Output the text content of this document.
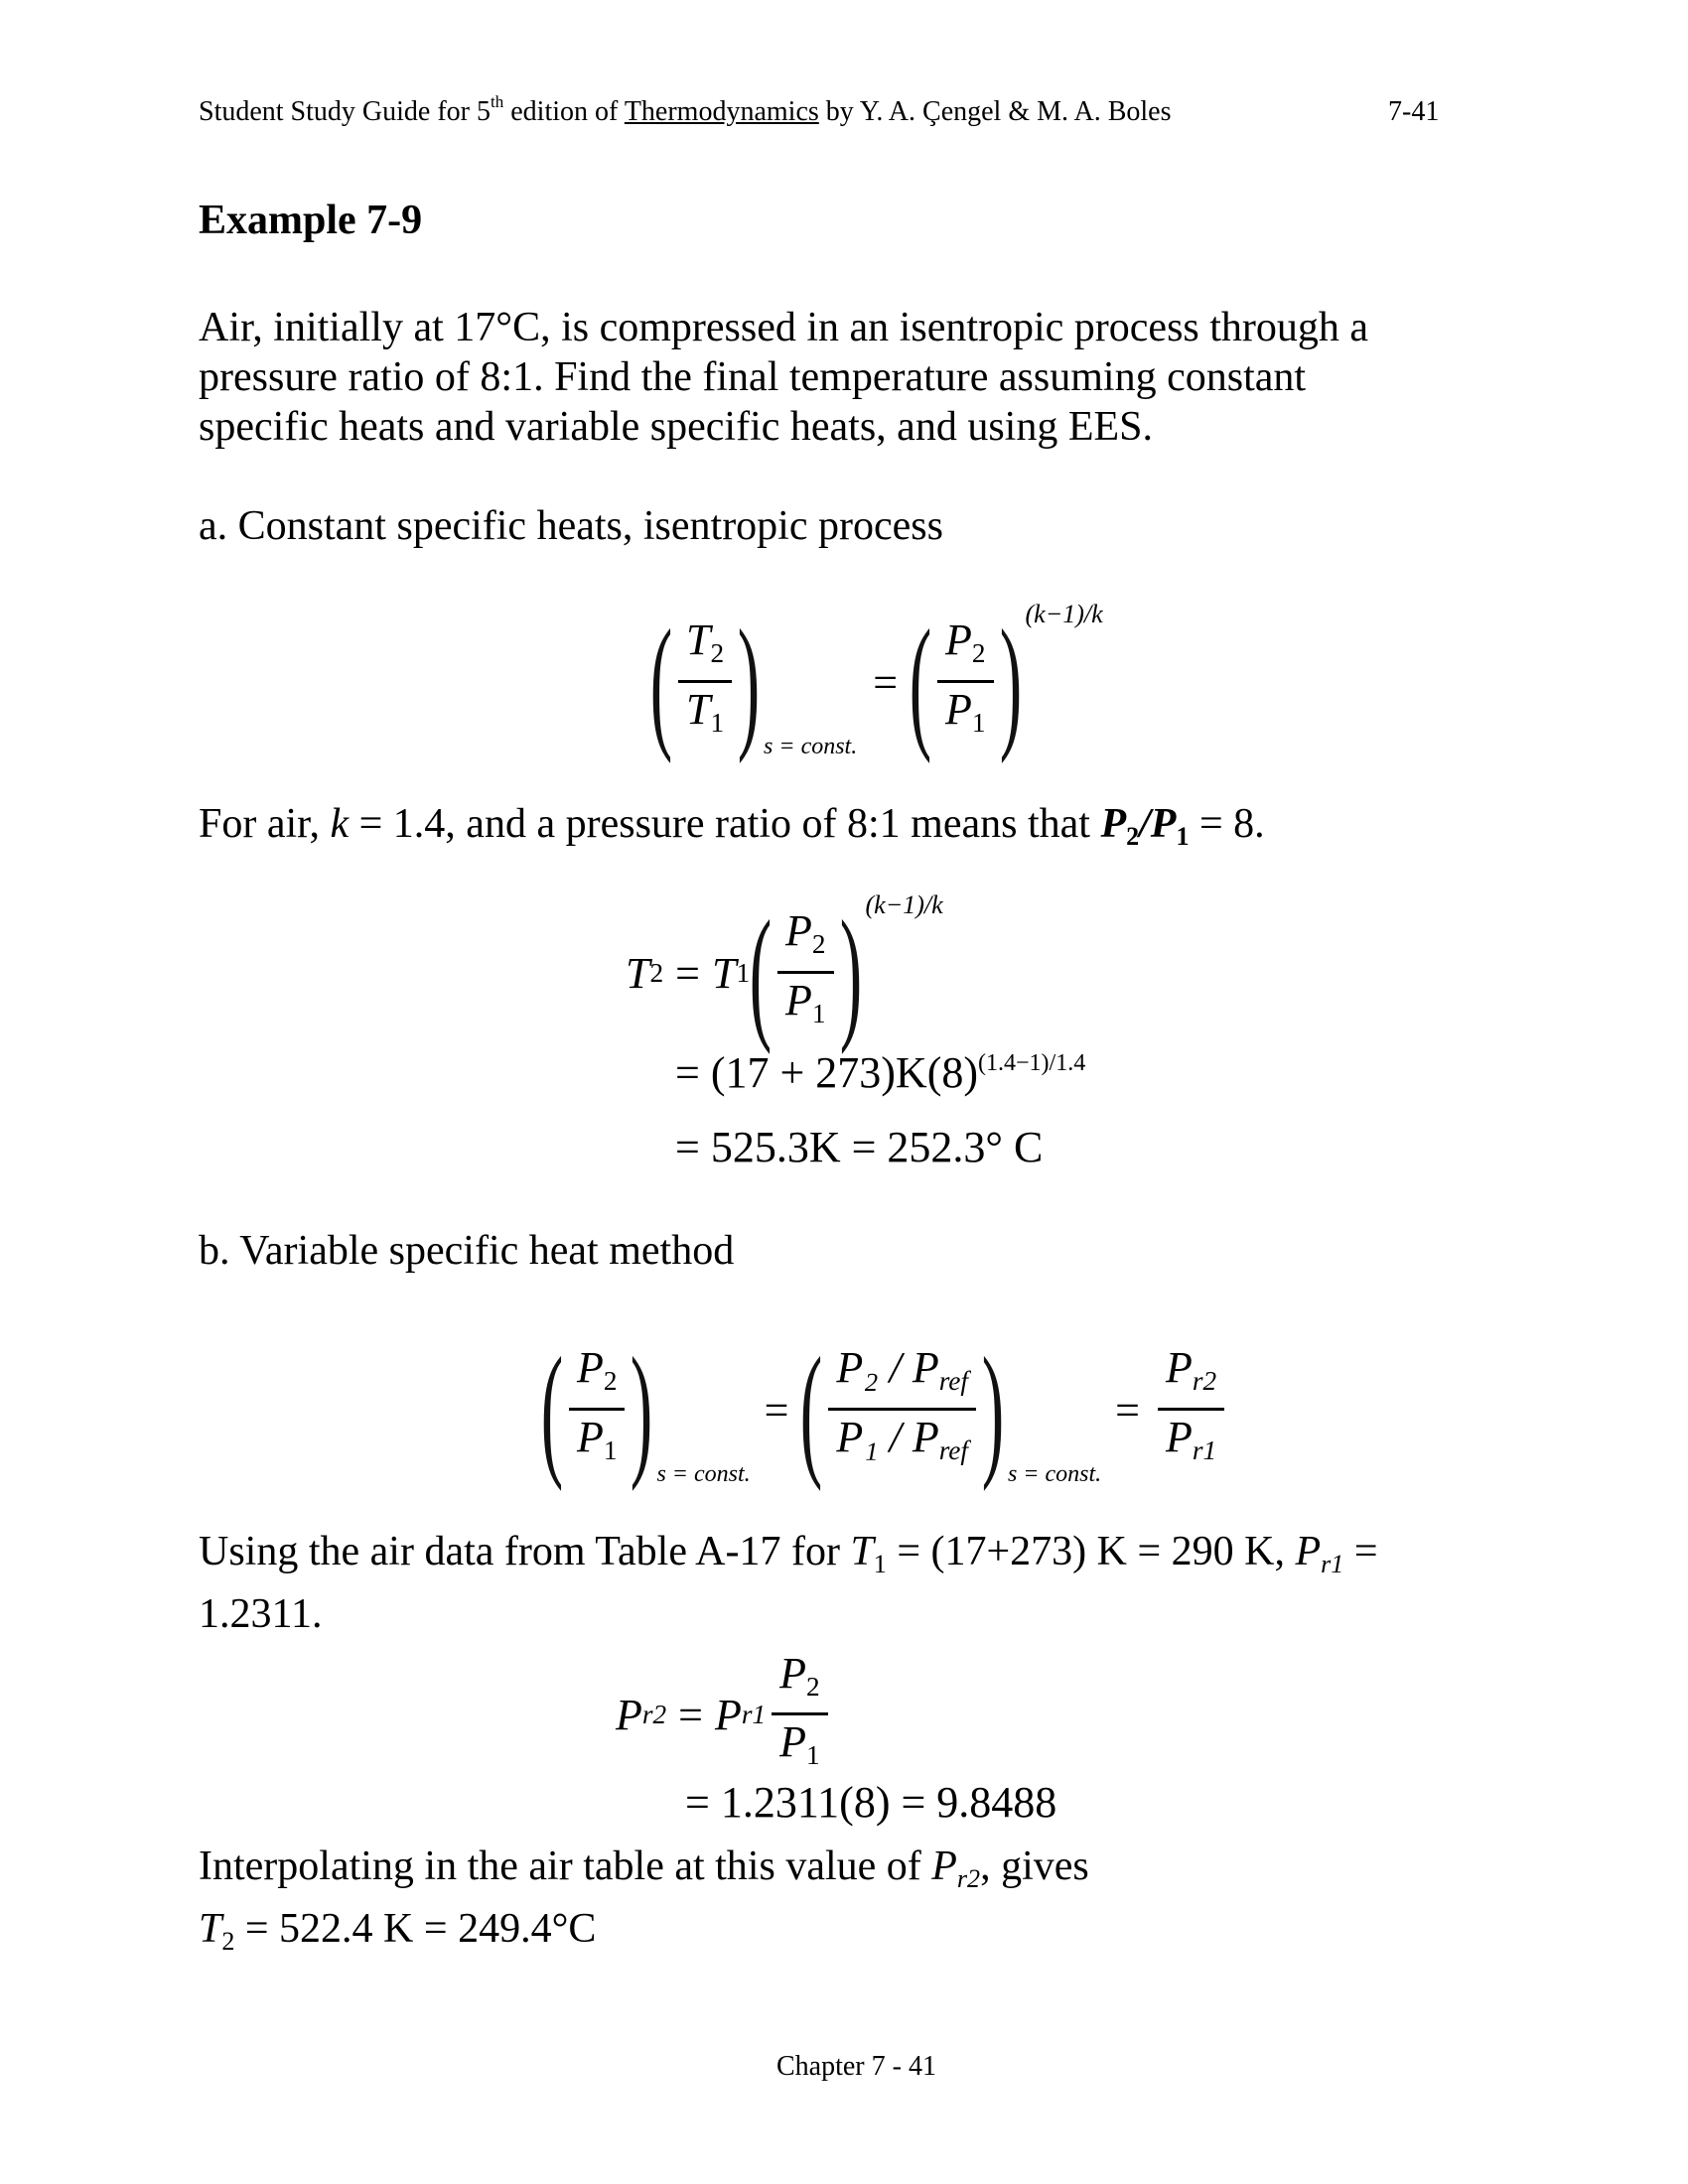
Student Study Guide for 5th edition of Thermodynamics by Y. A. Çengel & M. A. Boles	7-41
Example 7-9
Air, initially at 17°C, is compressed in an isentropic process through a
pressure ratio of 8:1. Find the final temperature assuming constant
specific heats and variable specific heats, and using EES.
a. Constant specific heats, isentropic process
( $\frac{T_2}{T_1}$ ) s = const.
= ( $\frac{P_2}{P_1}$ ) (k−1)/k
For air, k = 1.4, and a pressure ratio of 8:1 means that $P_2/P_1 = 8$.
T 2 = T 1 ( $\frac{P_2}{P_1}$ ) (k−1)/k
= $(17 + 273)K(8)^{(1.4-1)/1.4}$
= 525.3K = 252.3° C
b. Variable specific heat method
( $\frac{P_2}{P_1}$ ) s = const.
= ( $\frac{P_2 / P_{ref}}{P_1 / P_{ref}}$ ) s = const.
= $\frac{P_{r2}}{P_{r1}}$
Using the air data from Table A-17 for $T_1 = (17+273) K = 290$ K, $P_{r1}$ =
1.2311.
P r2 = P $r1 \frac{P_2}{P_1}$
= 1.2311(8) = 9.8488
Interpolating in the air table at this value of $P_{r2}$, gives
$T_2 = 522.4$ K = 249.4°C
Chapter 7 - 41
